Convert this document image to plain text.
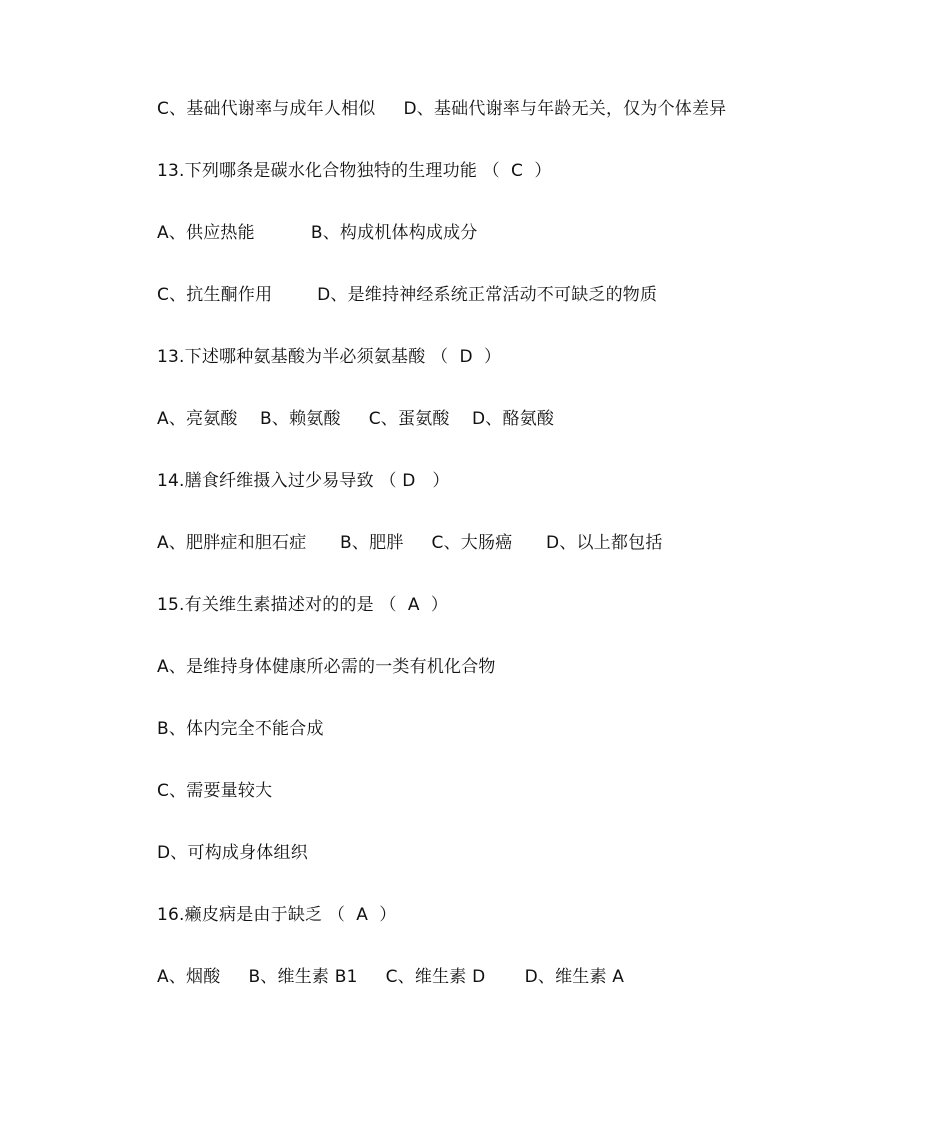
C、基础代谢率与成年人相似     D、基础代谢率与年龄无关，仅为个体差异
13.下列哪条是碳水化合物独特的生理功能 （  C  ）
A、供应热能          B、构成机体构成成分
C、抗生酮作用        D、是维持神经系统正常活动不可缺乏的物质
13.下述哪种氨基酸为半必须氨基酸 （  D  ）
A、亮氨酸    B、赖氨酸     C、蛋氨酸    D、酪氨酸
14.膳食纤维摄入过少易导致 （ D   ）
A、肥胖症和胆石症      B、肥胖     C、大肠癌      D、以上都包括
15.有关维生素描述对的的是 （  A  ）
A、是维持身体健康所必需的一类有机化合物
B、体内完全不能合成
C、需要量较大
D、可构成身体组织
16.癞皮病是由于缺乏 （  A  ）
A、烟酸     B、维生素 B1     C、维生素 D       D、维生素 A
